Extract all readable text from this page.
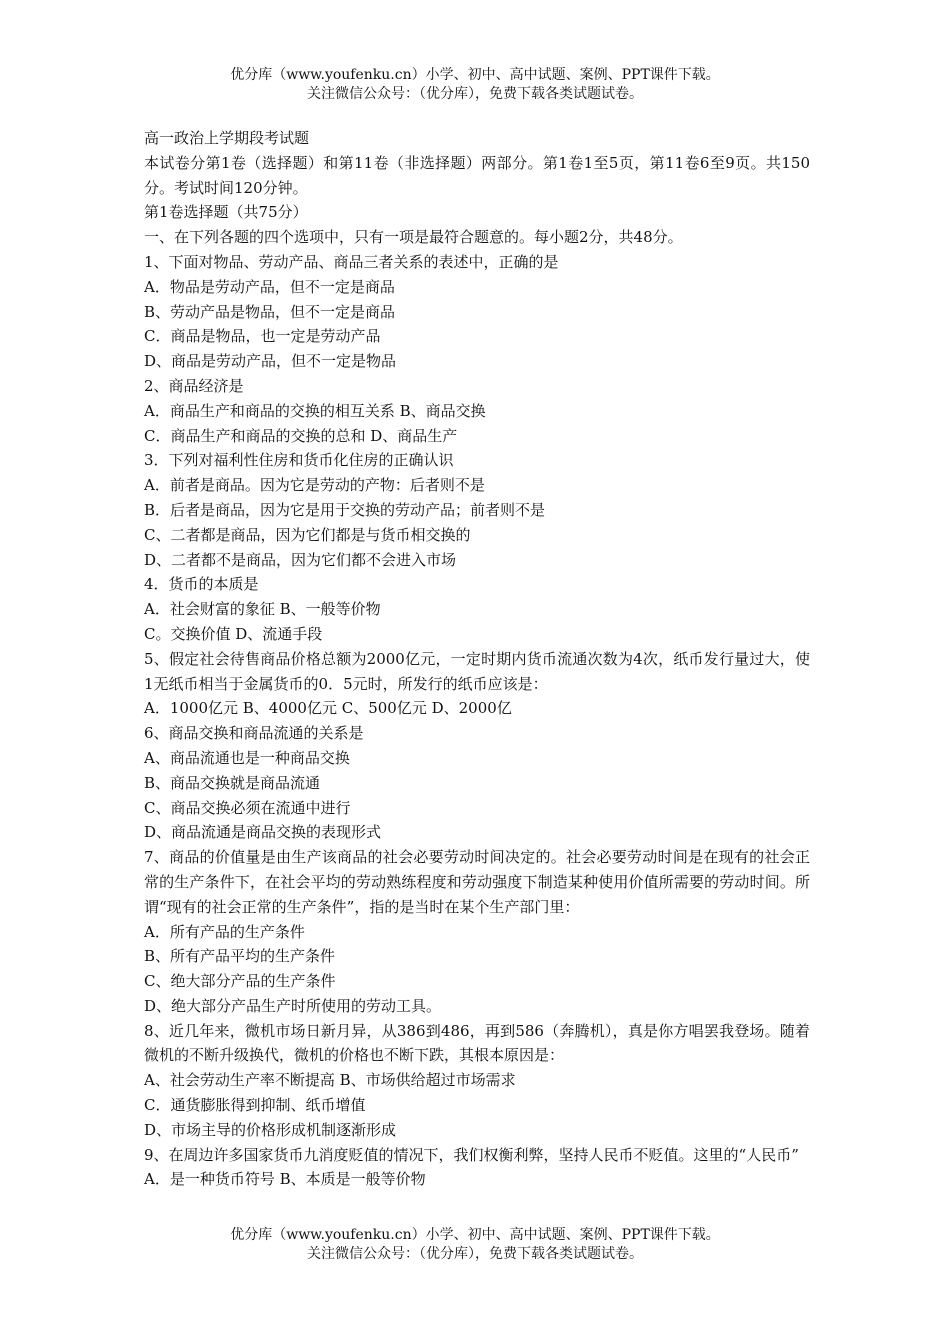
优分库（www.youfenku.cn）小学、初中、高中试题、案例、PPT课件下载。
关注微信公众号：（优分库），免费下载各类试题试卷。
高一政治上学期段考试题
本试卷分第1卷（选择题）和第11卷（非选择题）两部分。第1卷1至5页，第11卷6至9页。共150分。考试时间120分钟。
第1卷选择题（共75分）
一、在下列各题的四个选项中，只有一项是最符合题意的。每小题2分，共48分。
1、下面对物品、劳动产品、商品三者关系的表述中，正确的是
A．物品是劳动产品，但不一定是商品
B、劳动产品是物品，但不一定是商品
C．商品是物品，也一定是劳动产品
D、商品是劳动产品，但不一定是物品
2、商品经济是
A．商品生产和商品的交换的相互关系 B、商品交换
C．商品生产和商品的交换的总和 D、商品生产
3．下列对福利性住房和货币化住房的正确认识
A．前者是商品。因为它是劳动的产物：后者则不是
B．后者是商品，因为它是用于交换的劳动产品；前者则不是
C、二者都是商品，因为它们都是与货币相交换的
D、二者都不是商品，因为它们都不会进入市场
4．货币的本质是
A．社会财富的象征 B、一般等价物
C。交换价值 D、流通手段
5、假定社会待售商品价格总额为2000亿元，一定时期内货币流通次数为4次，纸币发行量过大，使1无纸币相当于金属货币的0．5元时，所发行的纸币应该是：
A．1000亿元 B、4000亿元 C、500亿元 D、2000亿
6、商品交换和商品流通的关系是
A、商品流通也是一种商品交换
B、商品交换就是商品流通
C、商品交换必须在流通中进行
D、商品流通是商品交换的表现形式
7、商品的价值量是由生产该商品的社会必要劳动时间决定的。社会必要劳动时间是在现有的社会正常的生产条件下，在社会平均的劳动熟练程度和劳动强度下制造某种使用价值所需要的劳动时间。所谓“现有的社会正常的生产条件”，指的是当时在某个生产部门里：
A．所有产品的生产条件
B、所有产品平均的生产条件
C、绝大部分产品的生产条件
D、绝大部分产品生产时所使用的劳动工具。
8、近几年来，微机市场日新月异，从386到486，再到586（奔腾机），真是你方唱罢我登场。随着微机的不断升级换代，微机的价格也不断下跌，其根本原因是：
A、社会劳动生产率不断提高 B、市场供给超过市场需求
C．通货膨胀得到抑制、纸币增值
D、市场主导的价格形成机制逐渐形成
9、在周边许多国家货币九消度贬值的情况下，我们权衡利弊，坚持人民币不贬值。这里的“人民币”
A．是一种货币符号 B、本质是一般等价物
优分库（www.youfenku.cn）小学、初中、高中试题、案例、PPT课件下载。
关注微信公众号：（优分库），免费下载各类试题试卷。
